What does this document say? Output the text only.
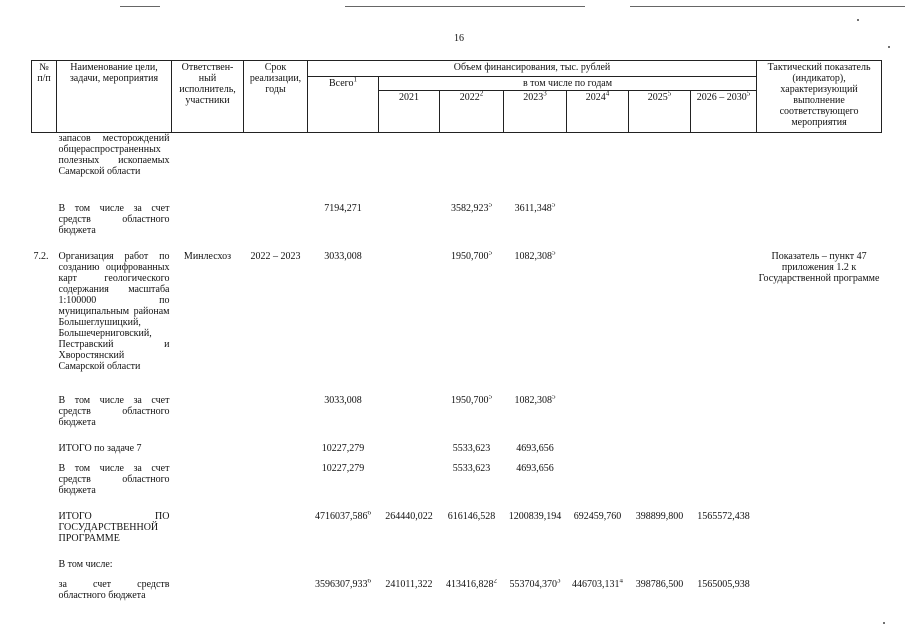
16
№ п/п	Наименование цели, задачи, мероприятия	Ответствен-ный исполнитель, участники	Срок реализации, годы	Объем финансирования, тыс. рублей							Тактический показатель (индикатор), характеризующий выполнение соответствующего мероприятия
				Всего$^1$	в том числе по годам						
					2021	2022$^2$	2023$^3$	2024$^4$	2025$^5$	2026 – 2030$^5$
	запасов месторождений общераспространенных полезных ископаемых Самарской области										
	В том числе за счет средств областного бюджета			7194,271		3582,923$^5$	3611,348$^5$				
7.2.	Организация работ по созданию оцифрованных карт геологического содержания масштаба 1:100000 по муниципальным районам Большеглушицкий, Большечерниговский, Пестравский и Хворостянский Самарской области	Минлесхоз	2022 – 2023	3033,008		1950,700$^5$	1082,308$^5$				Показатель – пункт 47 приложения 1.2 к Государственной программе
	В том числе за счет средств областного бюджета			3033,008		1950,700$^5$	1082,308$^5$				
	ИТОГО по задаче 7			10227,279		5533,623	4693,656				
	В том числе за счет средств областного бюджета			10227,279		5533,623	4693,656				
	ИТОГО ПО ГОСУДАРСТВЕННОЙ ПРОГРАММЕ			4716037,586$^6$	264440,022	616146,528	1200839,194	692459,760	398899,800	1565572,438	
	В том числе:										
	за счет средств областного бюджета			3596307,933$^6$	241011,322	413416,828$^2$	553704,370$^3$	446703,131$^4$	398786,500	1565005,938	
